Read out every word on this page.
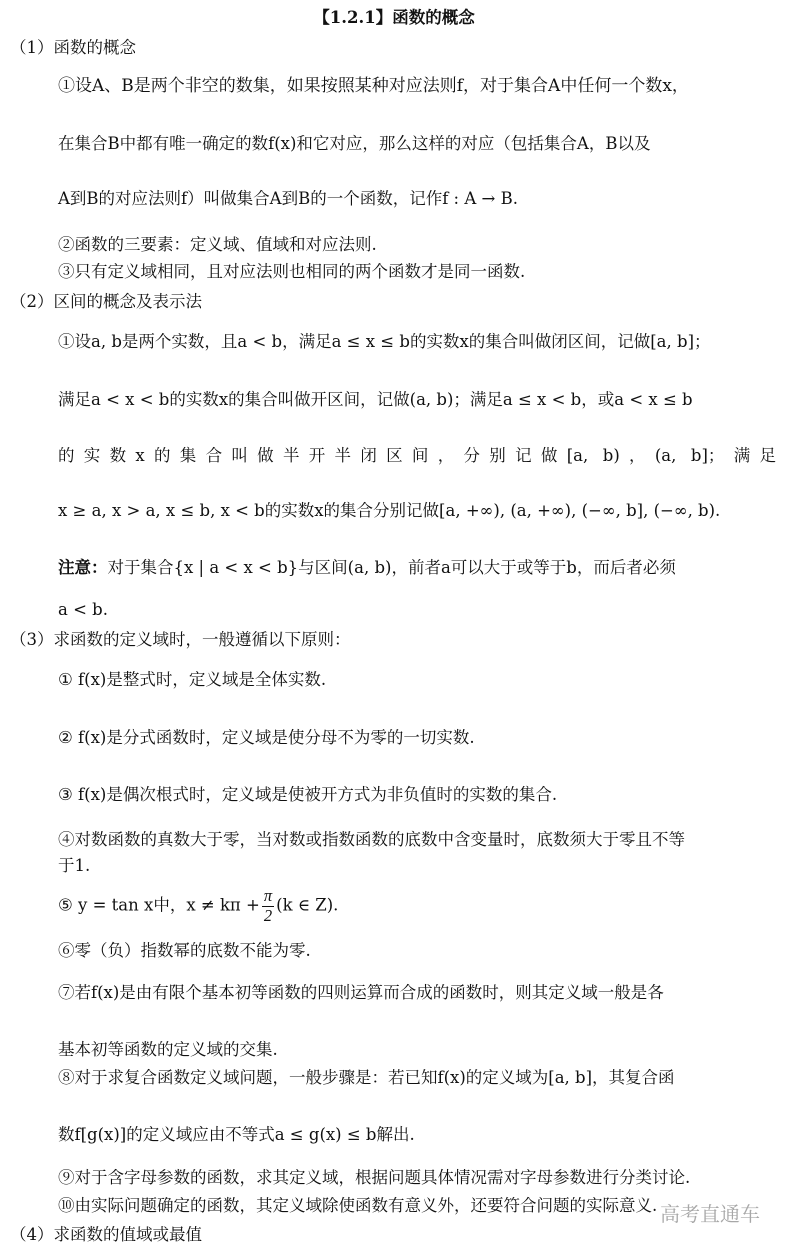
【1.2.1】函数的概念
（1）函数的概念
①设A、B是两个非空的数集，如果按照某种对应法则f，对于集合A中任何一个数x，
在集合B中都有唯一确定的数f(x)和它对应，那么这样的对应（包括集合A，B以及
A到B的对应法则f）叫做集合A到B的一个函数，记作f : A → B.
②函数的三要素：定义域、值域和对应法则.
③只有定义域相同，且对应法则也相同的两个函数才是同一函数.
（2）区间的概念及表示法
①设a, b是两个实数，且a < b，满足a ≤ x ≤ b的实数x的集合叫做闭区间，记做[a, b]；
满足a < x < b的实数x的集合叫做开区间，记做(a, b)；满足a ≤ x < b，或a < x ≤ b
的实数x的集合叫做半开半闭区间，分别记做[a, b)，(a, b]；满足
x ≥ a, x > a, x ≤ b, x < b的实数x的集合分别记做[a, +∞), (a, +∞), (−∞, b], (−∞, b).
注意：对于集合{x | a < x < b}与区间(a, b)，前者a可以大于或等于b，而后者必须
a < b.
（3）求函数的定义域时，一般遵循以下原则：
① f(x)是整式时，定义域是全体实数.
② f(x)是分式函数时，定义域是使分母不为零的一切实数.
③ f(x)是偶次根式时，定义域是使被开方式为非负值时的实数的集合.
④对数函数的真数大于零，当对数或指数函数的底数中含变量时，底数须大于零且不等
于1.
⑤ y = tan x中，$x \ne k\pi + \frac{\pi}{2} (k$ ∈ Z).
⑥零（负）指数幂的底数不能为零.
⑦若f(x)是由有限个基本初等函数的四则运算而合成的函数时，则其定义域一般是各
基本初等函数的定义域的交集.
⑧对于求复合函数定义域问题，一般步骤是：若已知f(x)的定义域为[a, b]，其复合函
数f[g(x)]的定义域应由不等式a ≤ g(x) ≤ b解出.
⑨对于含字母参数的函数，求其定义域，根据问题具体情况需对字母参数进行分类讨论.
⑩由实际问题确定的函数，其定义域除使函数有意义外，还要符合问题的实际意义.
（4）求函数的值域或最值
高考直通车
